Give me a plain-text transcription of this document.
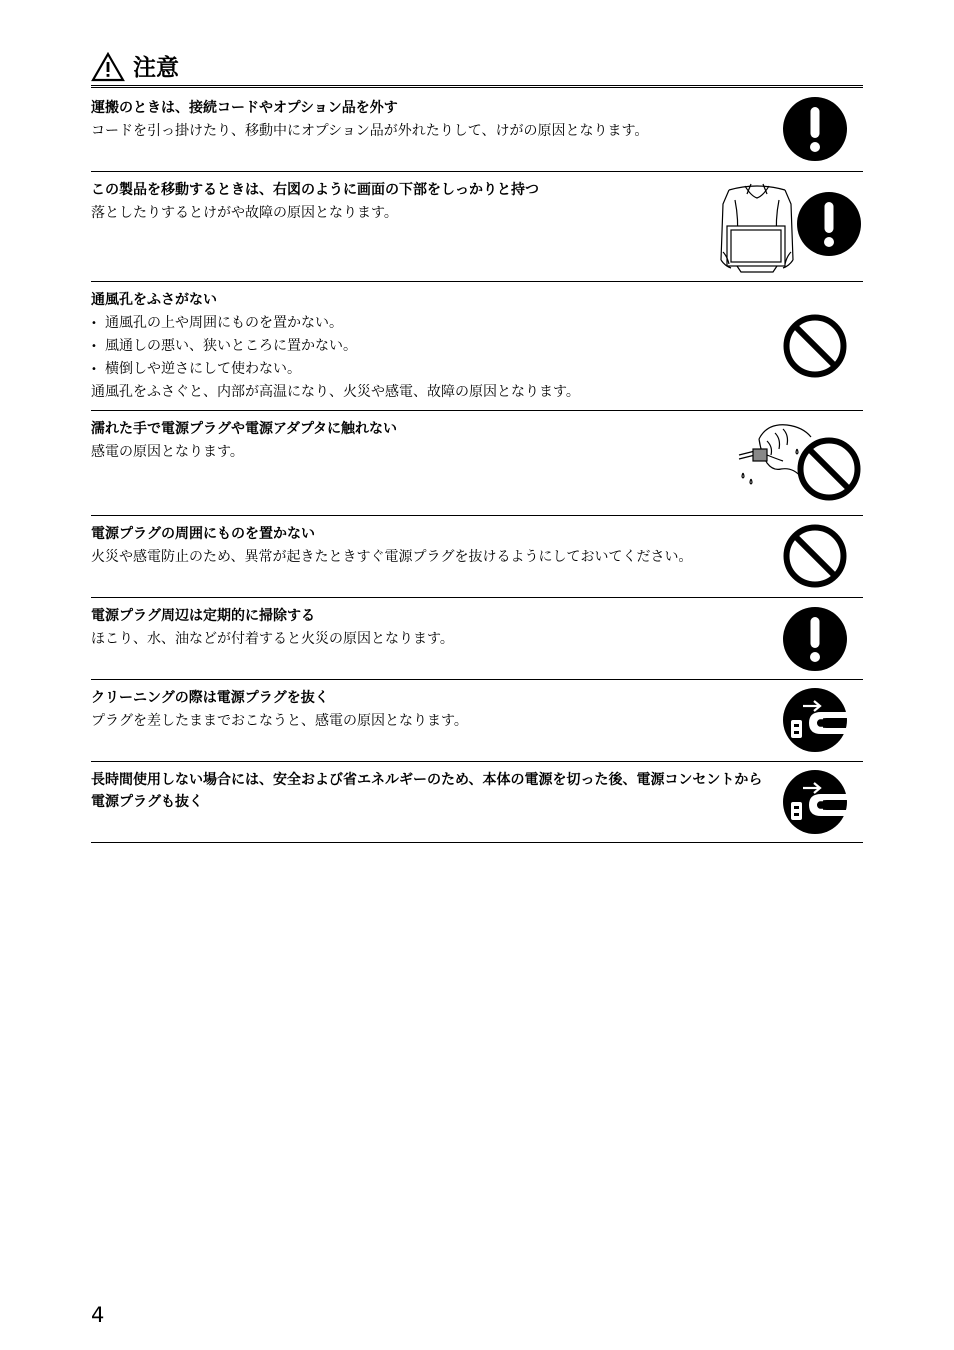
注意
運搬のときは、接続コードやオプション品を外す
コードを引っ掛けたり、移動中にオプション品が外れたりして、けがの原因となります。
この製品を移動するときは、右図のように画面の下部をしっかりと持つ
落としたりするとけがや故障の原因となります。
通風孔をふさがない
• 通風孔の上や周囲にものを置かない。
• 風通しの悪い、狭いところに置かない。
• 横倒しや逆さにして使わない。
通風孔をふさぐと、内部が高温になり、火災や感電、故障の原因となります。
濡れた手で電源プラグや電源アダプタに触れない
感電の原因となります。
電源プラグの周囲にものを置かない
火災や感電防止のため、異常が起きたときすぐ電源プラグを抜けるようにしておいてください。
電源プラグ周辺は定期的に掃除する
ほこり、水、油などが付着すると火災の原因となります。
クリーニングの際は電源プラグを抜く
プラグを差したままでおこなうと、感電の原因となります。
長時間使用しない場合には、安全および省エネルギーのため、本体の電源を切った後、電源コンセントから電源プラグも抜く
4
